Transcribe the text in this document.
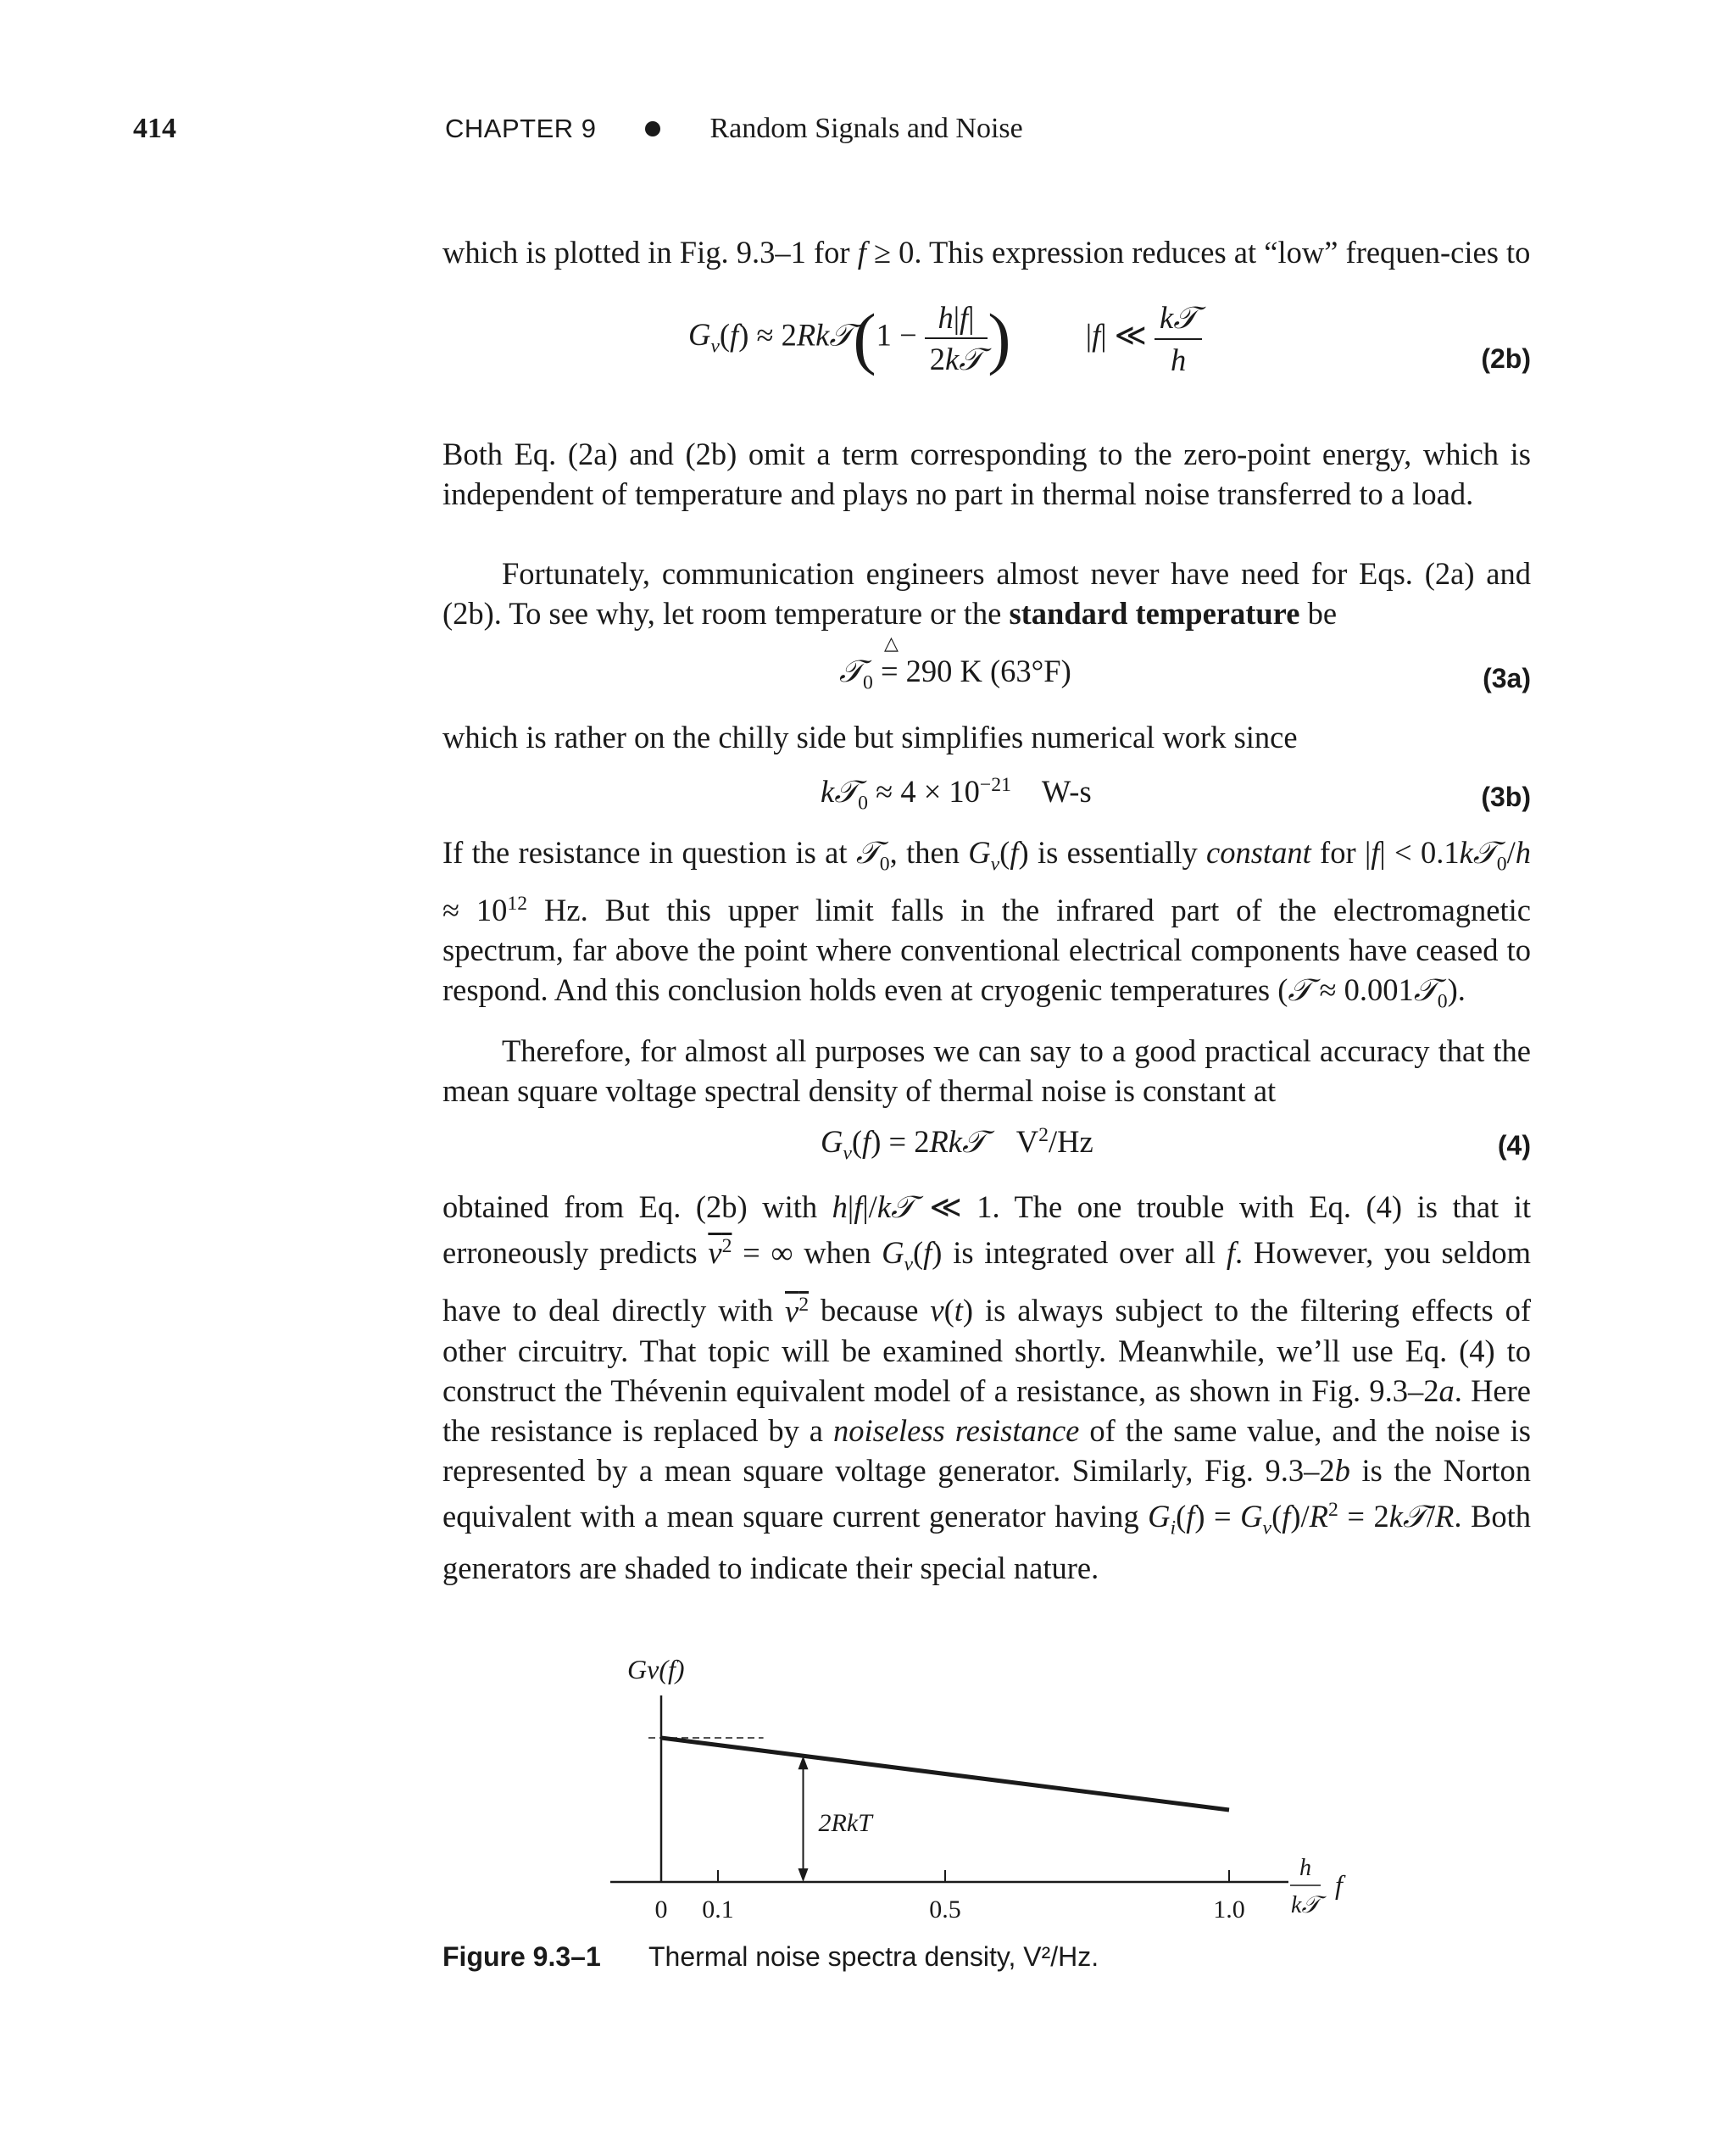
414	CHAPTER 9	Random Signals and Noise
which is plotted in Fig. 9.3–1 for f ≥ 0. This expression reduces at “low” frequen-cies to
$G_v(f)$ ≈ 2Rk𝒯(1 − $\frac{h|f|}{\text{2k𝒯}}$ )  |f| ≪ $\frac{\text{k𝒯}}{h}$	(2b)
Both Eq. (2a) and (2b) omit a term corresponding to the zero-point energy, which is independent of temperature and plays no part in thermal noise transferred to a load.
Fortunately, communication engineers almost never have need for Eqs. (2a) and (2b). To see why, let room temperature or the standard temperature be
𝒯$_0$
△
= 290 K (63°F)	(3a)
which is rather on the chilly side but simplifies numerical work since
k𝒯$_0$ ≈ $4 \times 10^{-21}$    W-s	(3b)
If the resistance in question is at 𝒯$_0$, then $G_v(f)$ is essentially constant for |f| < 0.1k𝒯$_0$/h ≈ $10^{12}$ Hz. But this upper limit falls in the infrared part of the electromagnetic spectrum, far above the point where conventional electrical components have ceased to respond. And this conclusion holds even at cryogenic temperatures (𝒯 ≈ 0.001𝒯$_0$).
Therefore, for almost all purposes we can say to a good practical accuracy that the mean square voltage spectral density of thermal noise is constant at
$G_v(f)$ = 2Rk𝒯    $V^2/Hz$	(4)
obtained from Eq. (2b) with h|f|/k𝒯 ≪ 1. The one trouble with Eq. (4) is that it erroneously predicts $v^2$ = ∞ when $G_v(f)$ is integrated over all f. However, you seldom have to deal directly with $v^2$ because v(t) is always subject to the filtering effects of other circuitry. That topic will be examined shortly. Meanwhile, we’ll use Eq. (4) to construct the Thévenin equivalent model of a resistance, as shown in Fig. 9.3–2a. Here the resistance is replaced by a noiseless resistance of the same value, and the noise is represented by a mean square voltage generator. Similarly, Fig. 9.3–2b is the Norton equivalent with a mean square current generator having $G_i(f) = G_v(f)/R^2$ = 2k𝒯/R. Both generators are shaded to indicate their special nature.
2RkT
Gv(f)
0 0.1	0.5	1.0
h
k𝒯
f
Figure 9.3–1 Thermal noise spectra density, V²/Hz.
